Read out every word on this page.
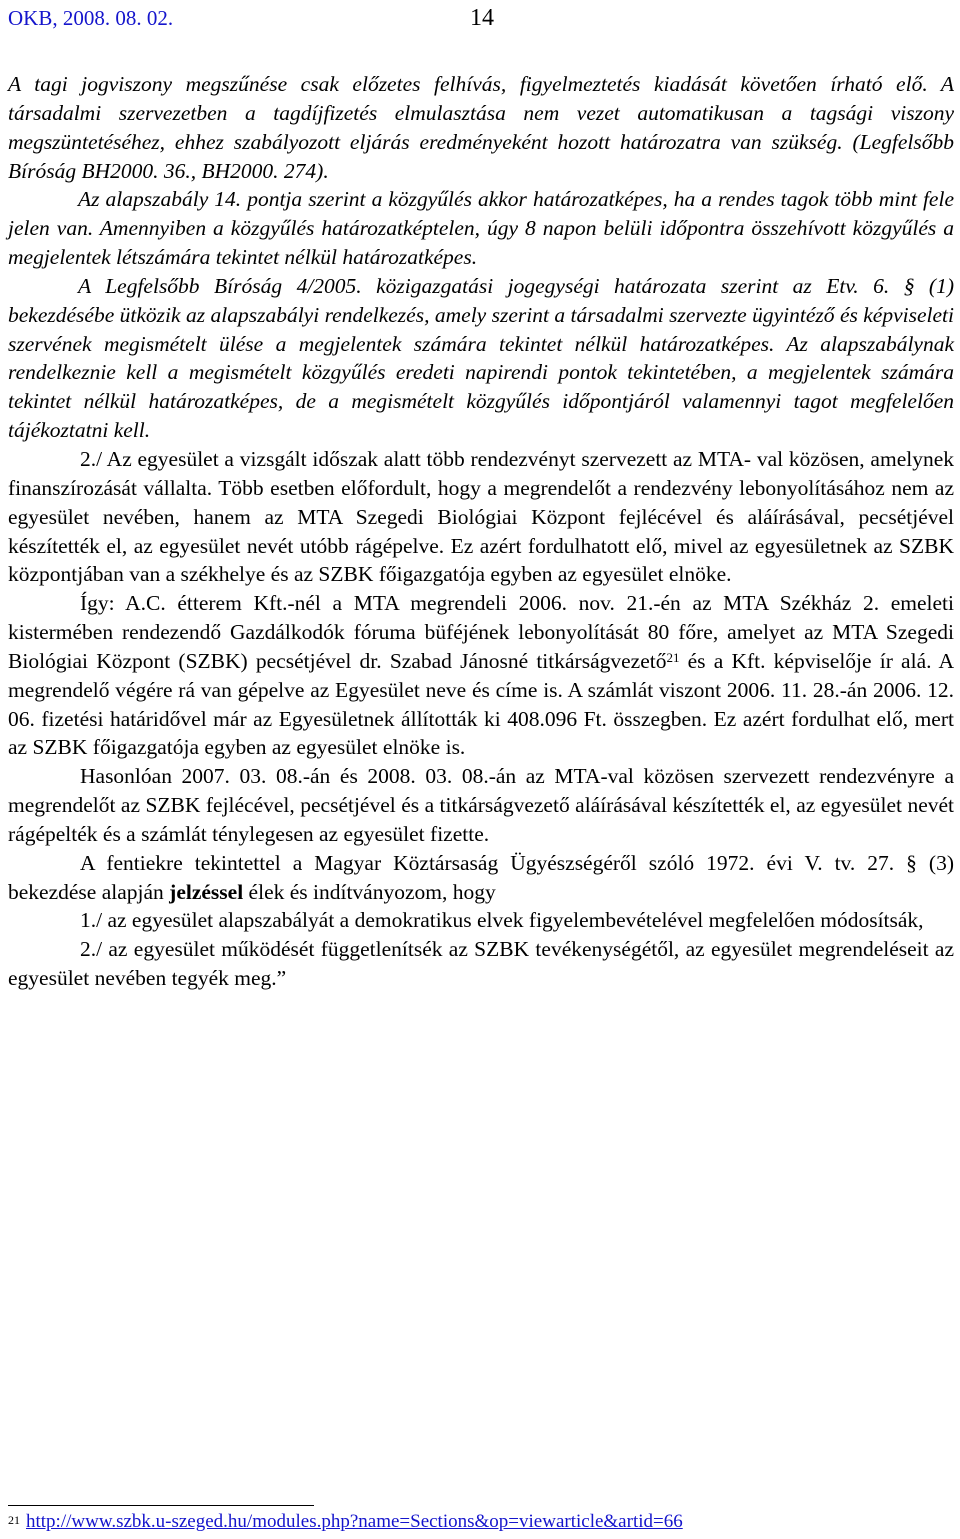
OKB, 2008. 08. 02.	14

A tagi jogviszony megszűnése csak előzetes felhívás, figyelmeztetés kiadását követően írható elő. A társadalmi szervezetben a tagdíjfizetés elmulasztása nem vezet automatikusan a tagsági viszony megszüntetéséhez, ehhez szabályozott eljárás eredményeként hozott határozatra van szükség. (Legfelsőbb Bíróság BH2000. 36., BH2000. 274).

Az alapszabály 14. pontja szerint a közgyűlés akkor határozatképes, ha a rendes tagok több mint fele jelen van. Amennyiben a közgyűlés határozatképtelen, úgy 8 napon belüli időpontra összehívott közgyűlés a megjelentek létszámára tekintet nélkül határozatképes.

A Legfelsőbb Bíróság 4/2005. közigazgatási jogegységi határozata szerint az Etv. 6. § (1) bekezdésébe ütközik az alapszabályi rendelkezés, amely szerint a társadalmi szervezte ügyintéző és képviseleti szervének megismételt ülése a megjelentek számára tekintet nélkül határozatképes. Az alapszabálynak rendelkeznie kell a megismételt közgyűlés eredeti napirendi pontok tekintetében, a megjelentek számára tekintet nélkül határozatképes, de a megismételt közgyűlés időpontjáról valamennyi tagot megfelelően tájékoztatni kell.

2./ Az egyesület a vizsgált időszak alatt több rendezvényt szervezett az MTA- val közösen, amelynek finanszírozását vállalta. Több esetben előfordult, hogy a megrendelőt a rendezvény lebonyolításához nem az egyesület nevében, hanem az MTA Szegedi Biológiai Központ fejlécével és aláírásával, pecsétjével készítették el, az egyesület nevét utóbb rágépelve. Ez azért fordulhatott elő, mivel az egyesületnek az SZBK központjában van a székhelye és az SZBK főigazgatója egyben az egyesület elnöke.

Így: A.C. étterem Kft.-nél a MTA megrendeli 2006. nov. 21.-én az MTA Székház 2. emeleti kistermében rendezendő Gazdálkodók fóruma büféjének lebonyolítását 80 főre, amelyet az MTA Szegedi Biológiai Központ (SZBK) pecsétjével dr. Szabad Jánosné titkárságvezető$^{21}$ és a Kft. képviselője ír alá. A megrendelő végére rá van gépelve az Egyesület neve és címe is. A számlát viszont 2006. 11. 28.-án 2006. 12. 06. fizetési határidővel már az Egyesületnek állították ki 408.096 Ft. összegben. Ez azért fordulhat elő, mert az SZBK főigazgatója egyben az egyesület elnöke is.

Hasonlóan 2007. 03. 08.-án és 2008. 03. 08.-án az MTA-val közösen szervezett rendezvényre a megrendelőt az SZBK fejlécével, pecsétjével és a titkárságvezető aláírásával készítették el, az egyesület nevét rágépelték és a számlát ténylegesen az egyesület fizette.

A fentiekre tekintettel a Magyar Köztársaság Ügyészségéről szóló 1972. évi V. tv. 27. § (3) bekezdése alapján jelzéssel élek és indítványozom, hogy

1./ az egyesület alapszabályát a demokratikus elvek figyelembevételével megfelelően módosítsák,

2./ az egyesület működését függetlenítsék az SZBK tevékenységétől, az egyesület megrendeléseit az egyesület nevében tegyék meg.”

$^{21}$ http://www.szbk.u-szeged.hu/modules.php?name=Sections&op=viewarticle&artid=66
